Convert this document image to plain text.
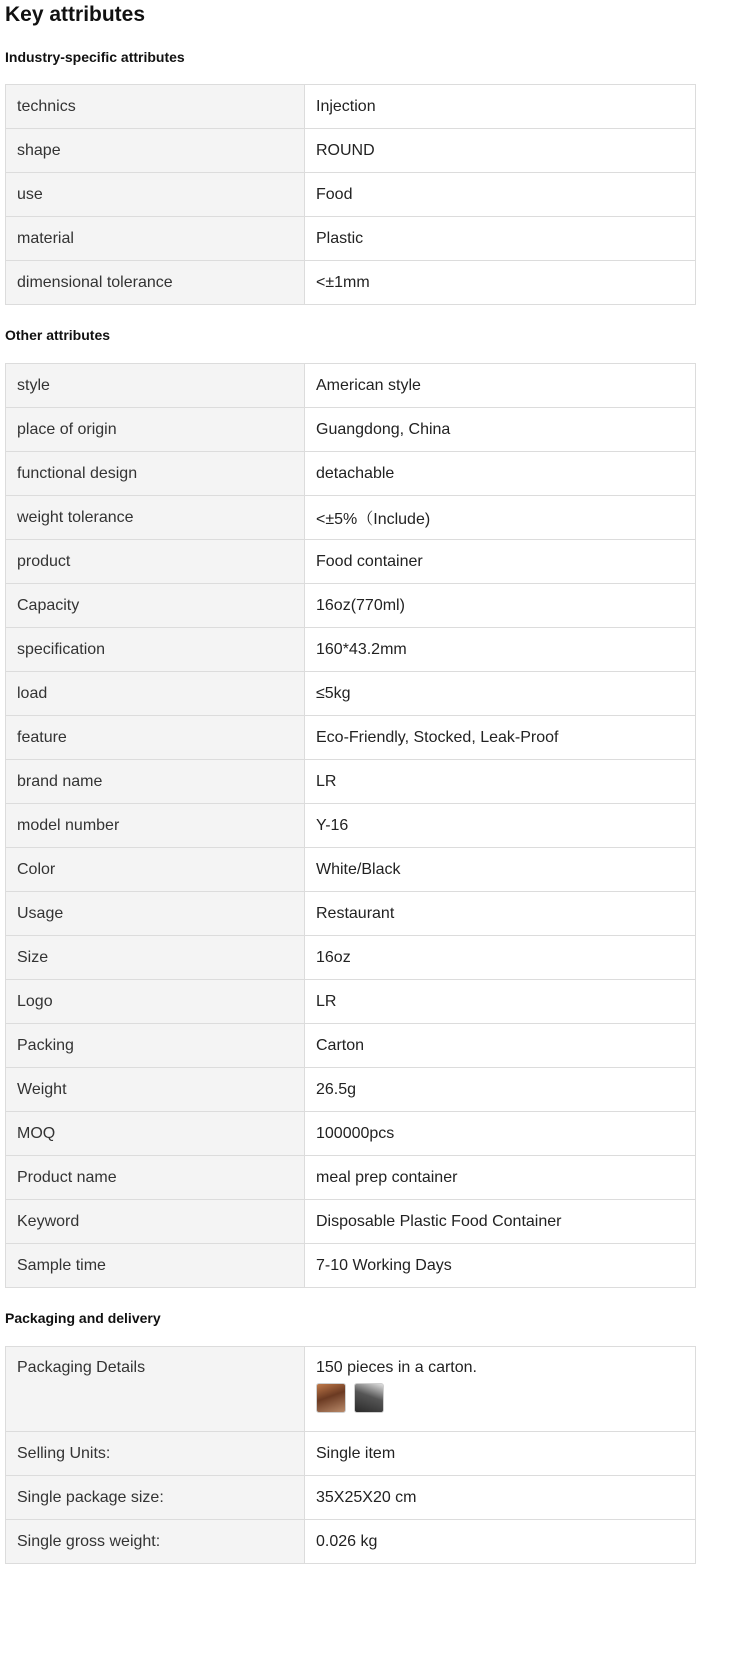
Key attributes
Industry-specific attributes
technics	Injection
shape	ROUND
use	Food
material	Plastic
dimensional tolerance	<±1mm
Other attributes
style	American style
place of origin	Guangdong, China
functional design	detachable
weight tolerance	<±5%（Include)
product	Food container
Capacity	16oz(770ml)
specification	160*43.2mm
load	≤5kg
feature	Eco-Friendly, Stocked, Leak-Proof
brand name	LR
model number	Y-16
Color	White/Black
Usage	Restaurant
Size	16oz
Logo	LR
Packing	Carton
Weight	26.5g
MOQ	100000pcs
Product name	meal prep container
Keyword	Disposable Plastic Food Container
Sample time	7-10 Working Days
Packaging and delivery
Packaging Details	150 pieces in a carton.

Selling Units:	Single item
Single package size:	35X25X20 cm
Single gross weight:	0.026 kg
